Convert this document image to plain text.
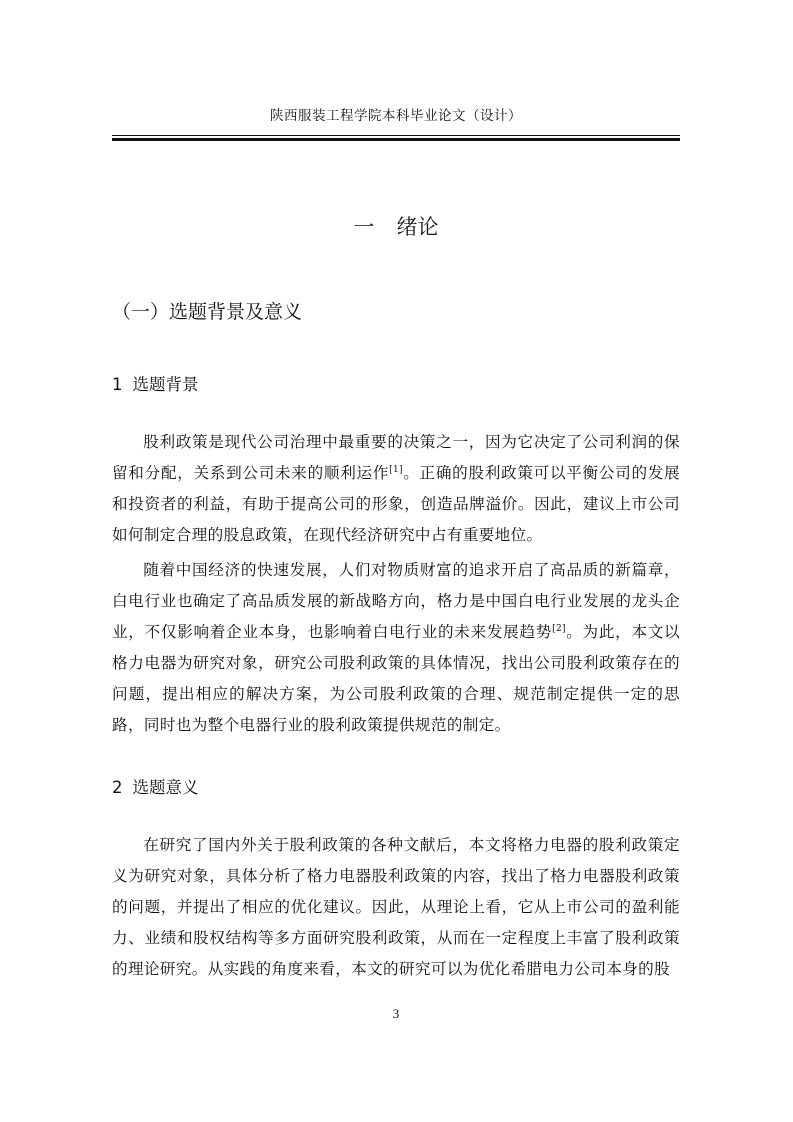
陕西服装工程学院本科毕业论文（设计）
一 绪论
（一）选题背景及意义
1 选题背景

股利政策是现代公司治理中最重要的决策之一，因为它决定了公司利润的保留和分配，关系到公司未来的顺利运作[1]。正确的股利政策可以平衡公司的发展和投资者的利益，有助于提高公司的形象，创造品牌溢价。因此，建议上市公司如何制定合理的股息政策，在现代经济研究中占有重要地位。

随着中国经济的快速发展，人们对物质财富的追求开启了高品质的新篇章，白电行业也确定了高品质发展的新战略方向，格力是中国白电行业发展的龙头企业，不仅影响着企业本身，也影响着白电行业的未来发展趋势[2]。为此，本文以格力电器为研究对象，研究公司股利政策的具体情况，找出公司股利政策存在的问题，提出相应的解决方案，为公司股利政策的合理、规范制定提供一定的思路，同时也为整个电器行业的股利政策提供规范的制定。

2 选题意义

在研究了国内外关于股利政策的各种文献后，本文将格力电器的股利政策定义为研究对象，具体分析了格力电器股利政策的内容，找出了格力电器股利政策的问题，并提出了相应的优化建议。因此，从理论上看，它从上市公司的盈利能力、业绩和股权结构等多方面研究股利政策，从而在一定程度上丰富了股利政策的理论研究。从实践的角度来看，本文的研究可以为优化希腊电力公司本身的股

3
